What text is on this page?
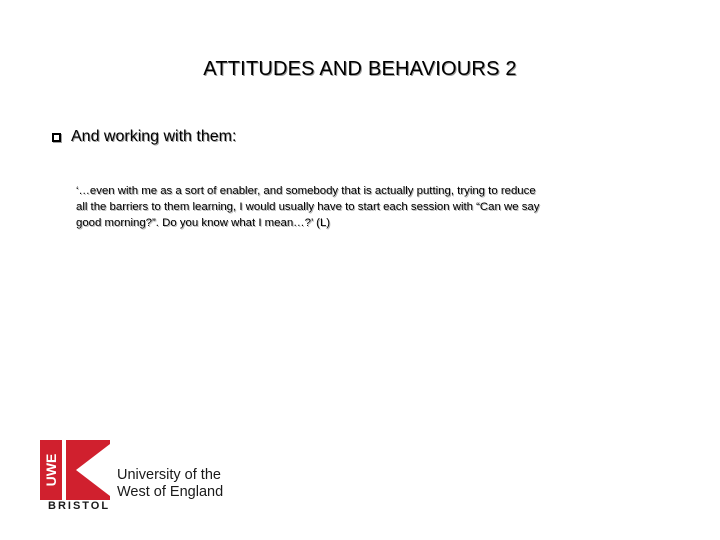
ATTITUDES AND BEHAVIOURS 2
And working with them:
‘…even with me as a sort of enabler, and somebody that is actually putting, trying to reduce
all the barriers to them learning, I would usually have to start each session with “Can we say
good morning?”. Do you know what I mean…?’ (L)
UWE	University of the
West of England
BRISTOL
